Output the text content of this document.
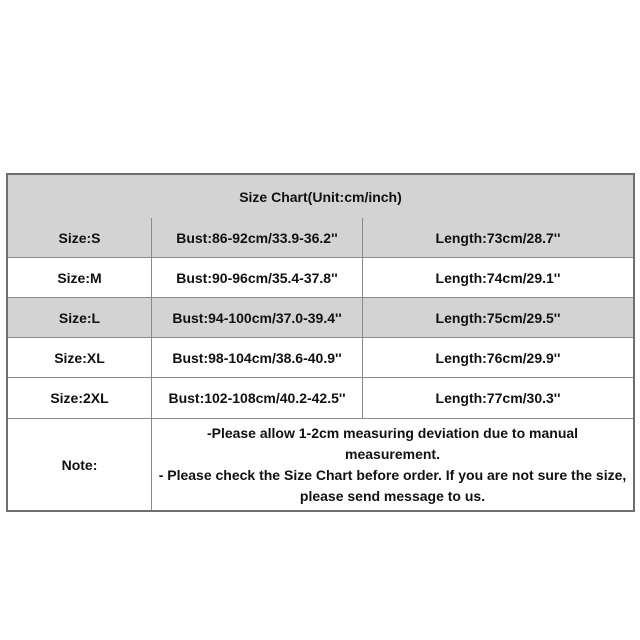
Size Chart(Unit:cm/inch)
Size:S	Bust:86-92cm/33.9-36.2''	Length:73cm/28.7''
Size:M	Bust:90-96cm/35.4-37.8''	Length:74cm/29.1''
Size:L	Bust:94-100cm/37.0-39.4''	Length:75cm/29.5''
Size:XL	Bust:98-104cm/38.6-40.9''	Length:76cm/29.9''
Size:2XL	Bust:102-108cm/40.2-42.5''	Length:77cm/30.3''
Note:
-Please allow 1-2cm measuring deviation due to manual measurement.
- Please check the Size Chart before order. If you are not sure the size,
please send message to us.
